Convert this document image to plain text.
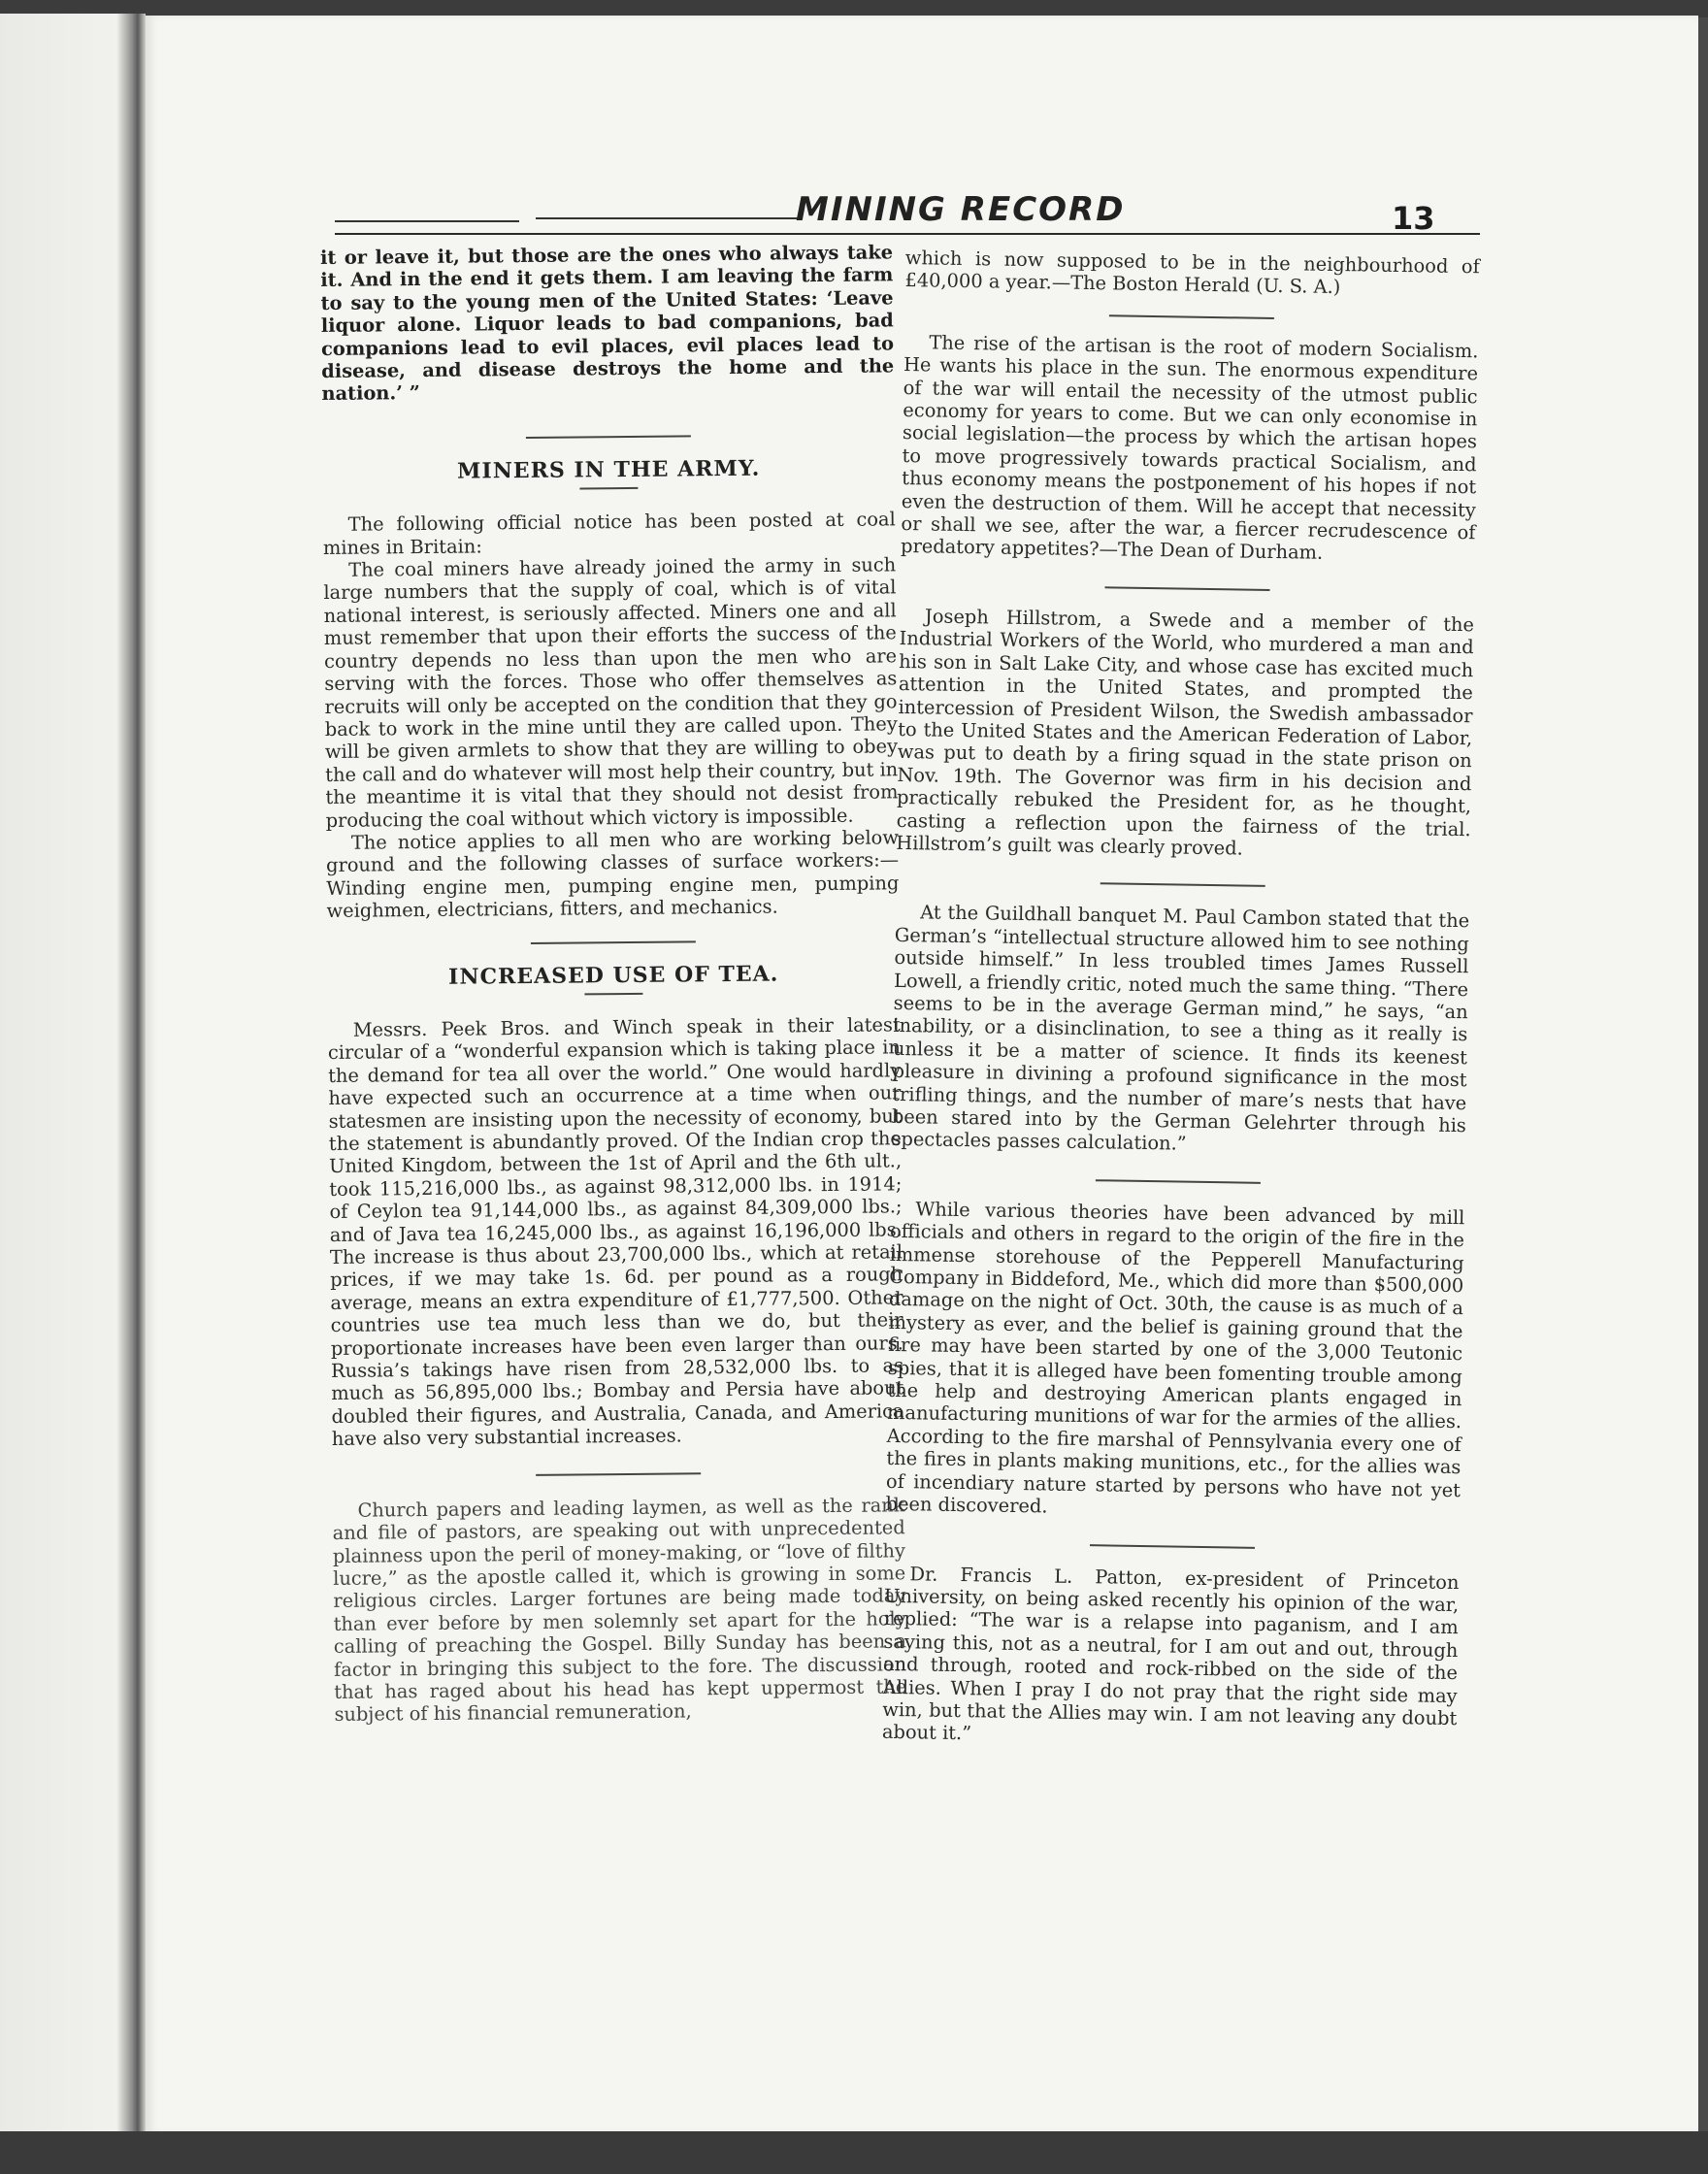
MINING RECORD	13

it or leave it, but those are the ones who always take it. And in the end it gets them. I am leaving the farm to say to the young men of the United States: ‘Leave liquor alone. Liquor leads to bad companions, bad companions lead to evil places, evil places lead to disease, and disease destroys the home and the nation.’ ”

MINERS IN THE ARMY.

The following official notice has been posted at coal mines in Britain:

The coal miners have already joined the army in such large numbers that the supply of coal, which is of vital national interest, is seriously affected. Miners one and all must remember that upon their efforts the success of the country depends no less than upon the men who are serving with the forces. Those who offer themselves as recruits will only be accepted on the condition that they go back to work in the mine until they are called upon. They will be given armlets to show that they are willing to obey the call and do whatever will most help their country, but in the meantime it is vital that they should not desist from producing the coal without which victory is impossible.

The notice applies to all men who are working below ground and the following classes of surface workers:—Winding engine men, pumping engine men, pumping weighmen, electricians, fitters, and mechanics.

INCREASED USE OF TEA.

Messrs. Peek Bros. and Winch speak in their latest circular of a “wonderful expansion which is taking place in the demand for tea all over the world.” One would hardly have expected such an occurrence at a time when our statesmen are insisting upon the necessity of economy, but the statement is abundantly proved. Of the Indian crop the United Kingdom, between the 1st of April and the 6th ult., took 115,216,000 lbs., as against 98,312,000 lbs. in 1914; of Ceylon tea 91,144,000 lbs., as against 84,309,000 lbs.; and of Java tea 16,245,000 lbs., as against 16,196,000 lbs. The increase is thus about 23,700,000 lbs., which at retail prices, if we may take 1s. 6d. per pound as a rough average, means an extra expenditure of £1,777,500. Other countries use tea much less than we do, but their proportionate increases have been even larger than ours. Russia’s takings have risen from 28,532,000 lbs. to as much as 56,895,000 lbs.; Bombay and Persia have about doubled their figures, and Australia, Canada, and America have also very substantial increases.

Church papers and leading laymen, as well as the rank and file of pastors, are speaking out with unprecedented plainness upon the peril of money-making, or “love of filthy lucre,” as the apostle called it, which is growing in some religious circles. Larger fortunes are being made today than ever before by men solemnly set apart for the holy calling of preaching the Gospel. Billy Sunday has been a factor in bringing this subject to the fore. The discussion that has raged about his head has kept uppermost the subject of his financial remuneration,

which is now supposed to be in the neighbourhood of £40,000 a year.—The Boston Herald (U. S. A.)

The rise of the artisan is the root of modern Socialism. He wants his place in the sun. The enormous expenditure of the war will entail the necessity of the utmost public economy for years to come. But we can only economise in social legislation—the process by which the artisan hopes to move progressively towards practical Socialism, and thus economy means the postponement of his hopes if not even the destruction of them. Will he accept that necessity or shall we see, after the war, a fiercer recrudescence of predatory appetites?—The Dean of Durham.

Joseph Hillstrom, a Swede and a member of the Industrial Workers of the World, who murdered a man and his son in Salt Lake City, and whose case has excited much attention in the United States, and prompted the intercession of President Wilson, the Swedish ambassador to the United States and the American Federation of Labor, was put to death by a firing squad in the state prison on Nov. 19th. The Governor was firm in his decision and practically rebuked the President for, as he thought, casting a reflection upon the fairness of the trial. Hillstrom’s guilt was clearly proved.

At the Guildhall banquet M. Paul Cambon stated that the German’s “intellectual structure allowed him to see nothing outside himself.” In less troubled times James Russell Lowell, a friendly critic, noted much the same thing. “There seems to be in the average German mind,” he says, “an inability, or a disinclination, to see a thing as it really is unless it be a matter of science. It finds its keenest pleasure in divining a profound significance in the most trifling things, and the number of mare’s nests that have been stared into by the German Gelehrter through his spectacles passes calculation.”

While various theories have been advanced by mill officials and others in regard to the origin of the fire in the immense storehouse of the Pepperell Manufacturing Company in Biddeford, Me., which did more than $500,000 damage on the night of Oct. 30th, the cause is as much of a mystery as ever, and the belief is gaining ground that the fire may have been started by one of the 3,000 Teutonic spies, that it is alleged have been fomenting trouble among the help and destroying American plants engaged in manufacturing munitions of war for the armies of the allies. According to the fire marshal of Pennsylvania every one of the fires in plants making munitions, etc., for the allies was of incendiary nature started by persons who have not yet been discovered.

Dr. Francis L. Patton, ex-president of Princeton University, on being asked recently his opinion of the war, replied: “The war is a relapse into paganism, and I am saying this, not as a neutral, for I am out and out, through and through, rooted and rock-ribbed on the side of the Allies. When I pray I do not pray that the right side may win, but that the Allies may win. I am not leaving any doubt about it.”
